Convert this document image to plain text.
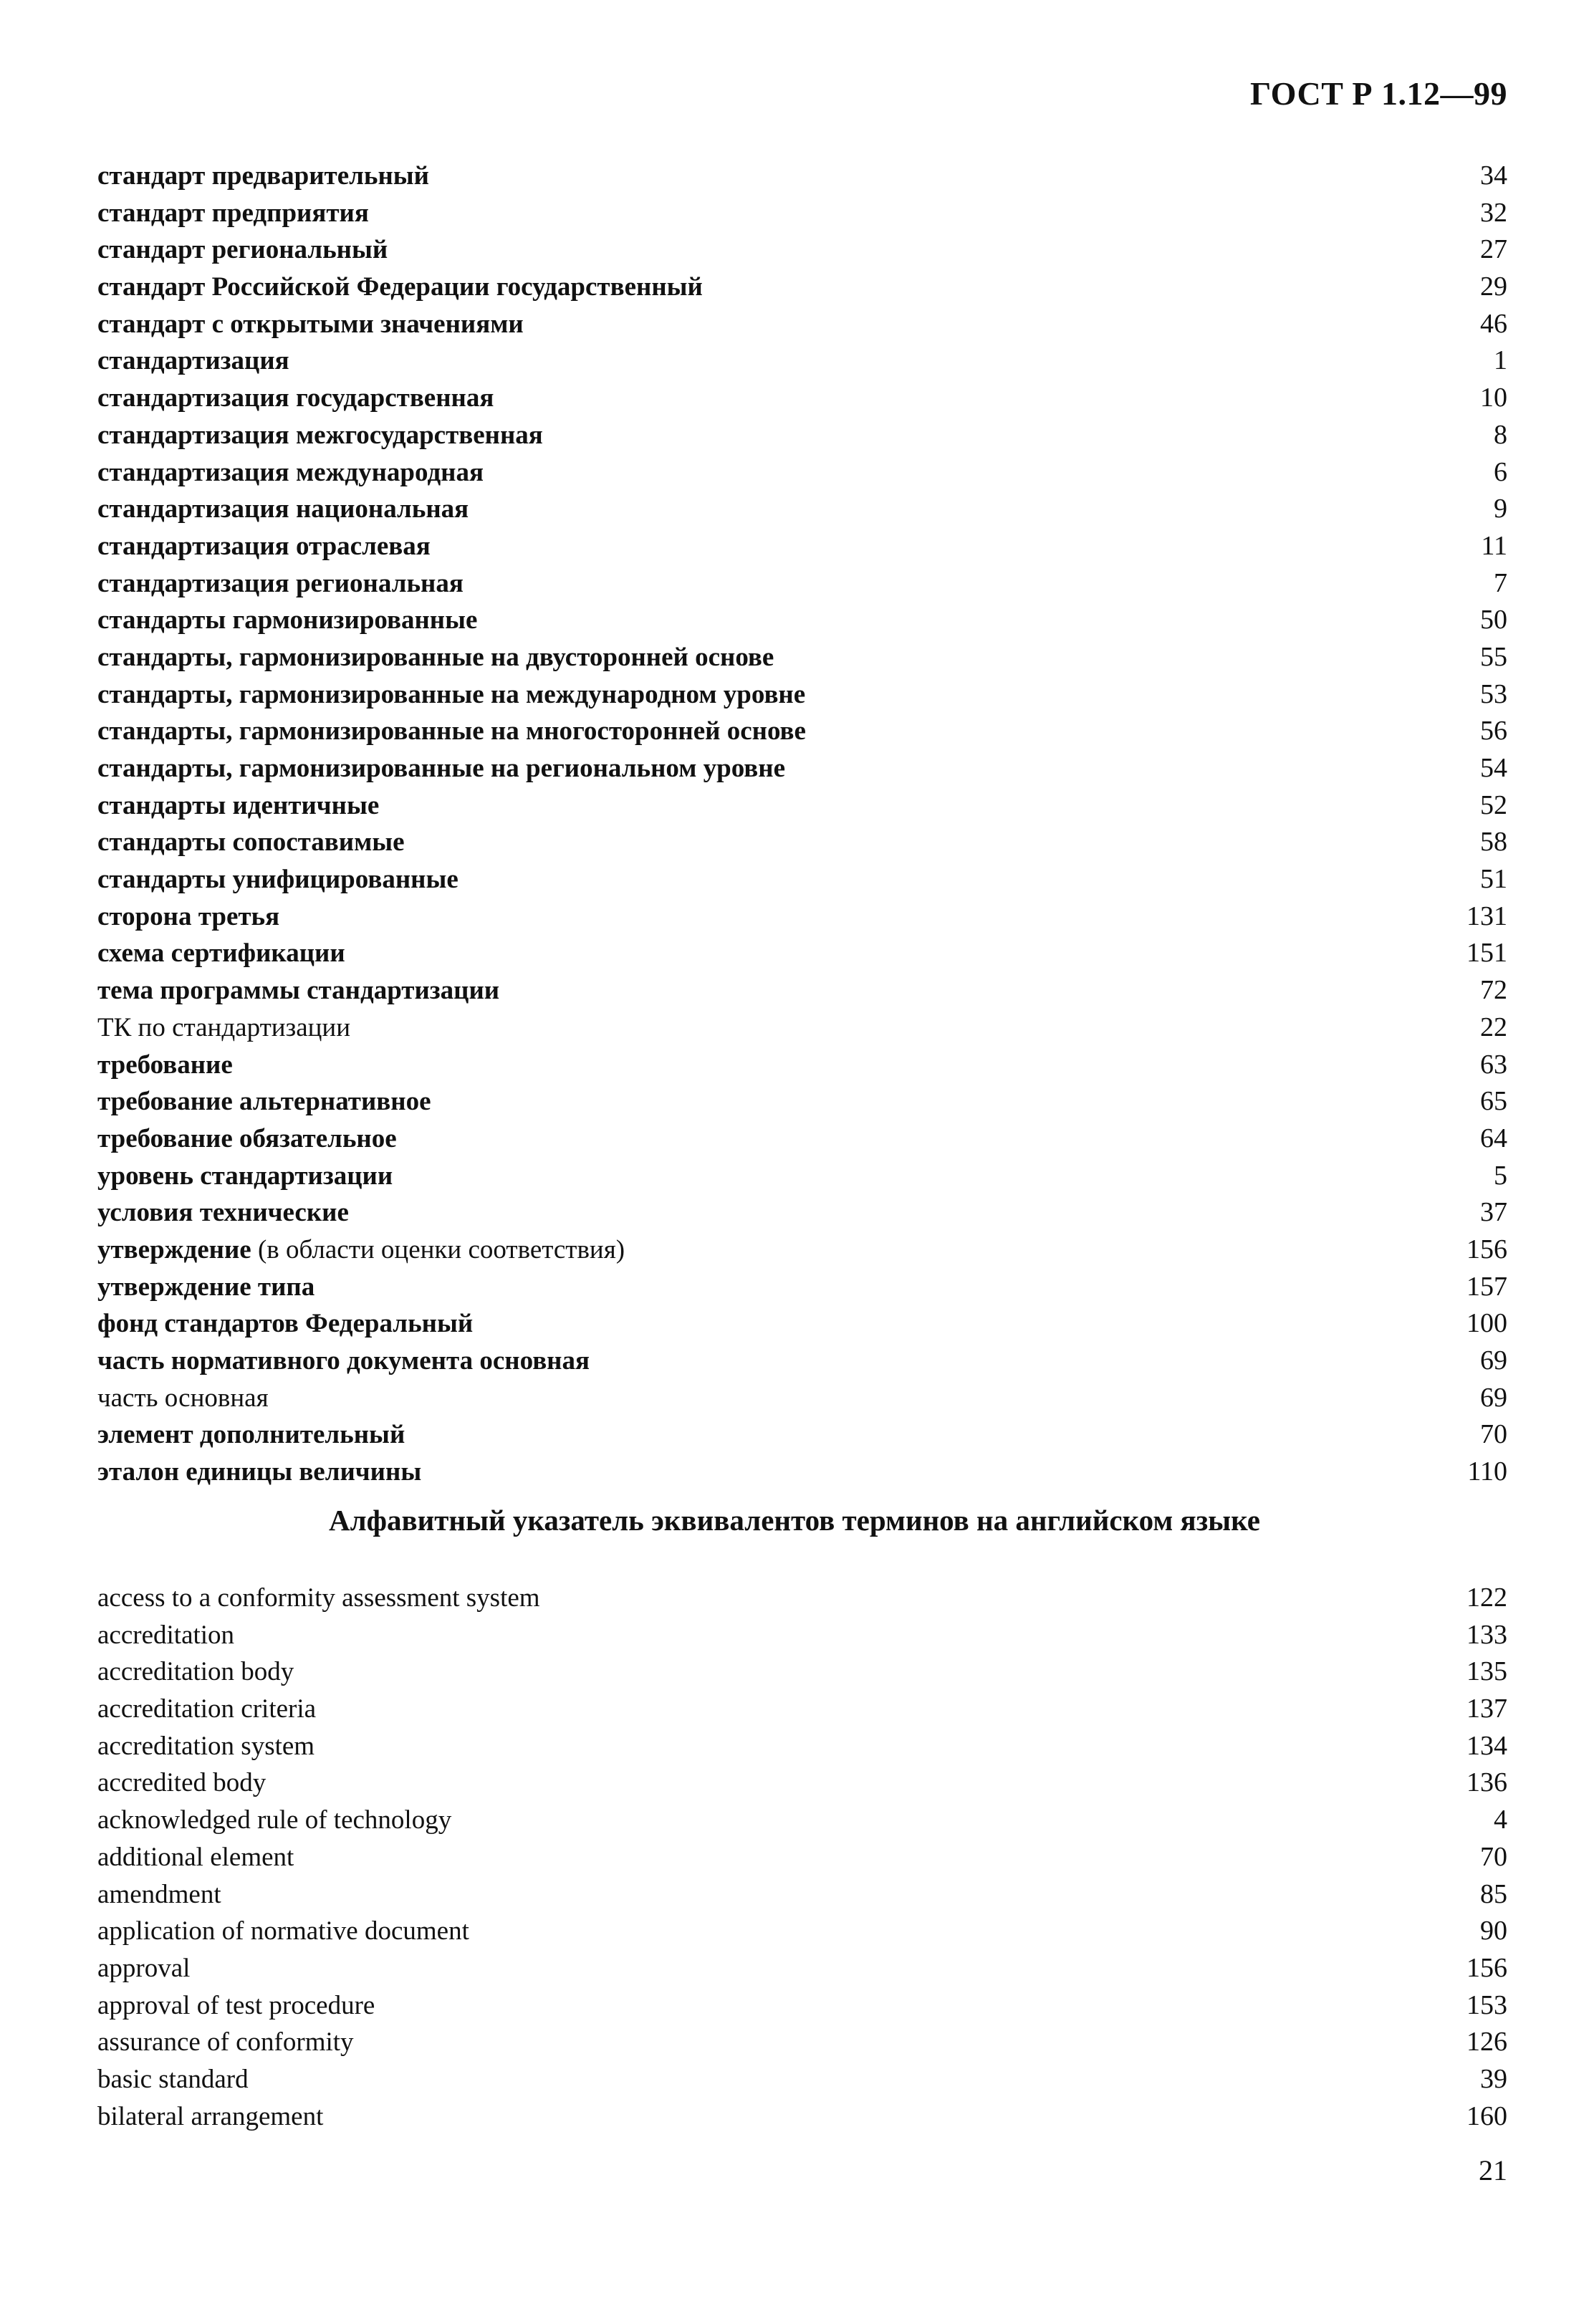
ГОСТ Р 1.12—99
стандарт предварительный	34
стандарт предприятия	32
стандарт региональный	27
стандарт Российской Федерации государственный	29
стандарт с открытыми значениями	46
стандартизация	1
стандартизация государственная	10
стандартизация межгосударственная	8
стандартизация международная	6
стандартизация национальная	9
стандартизация отраслевая	11
стандартизация региональная	7
стандарты гармонизированные	50
стандарты, гармонизированные на двусторонней основе	55
стандарты, гармонизированные на международном уровне	53
стандарты, гармонизированные на многосторонней основе	56
стандарты, гармонизированные на региональном уровне	54
стандарты идентичные	52
стандарты сопоставимые	58
стандарты унифицированные	51
сторона третья	131
схема сертификации	151
тема программы стандартизации	72
ТК по стандартизации	22
требование	63
требование альтернативное	65
требование обязательное	64
уровень стандартизации	5
условия технические	37
утверждение (в области оценки соответствия)	156
утверждение типа	157
фонд стандартов Федеральный	100
часть нормативного документа основная	69
часть основная	69
элемент дополнительный	70
эталон единицы величины	110
Алфавитный указатель эквивалентов терминов на английском языке
access to a conformity assessment system	122
accreditation	133
accreditation body	135
accreditation criteria	137
accreditation system	134
accredited body	136
acknowledged rule of technology	4
additional element	70
amendment	85
application of normative document	90
approval	156
approval of test procedure	153
assurance of conformity	126
basic standard	39
bilateral arrangement	160
21
